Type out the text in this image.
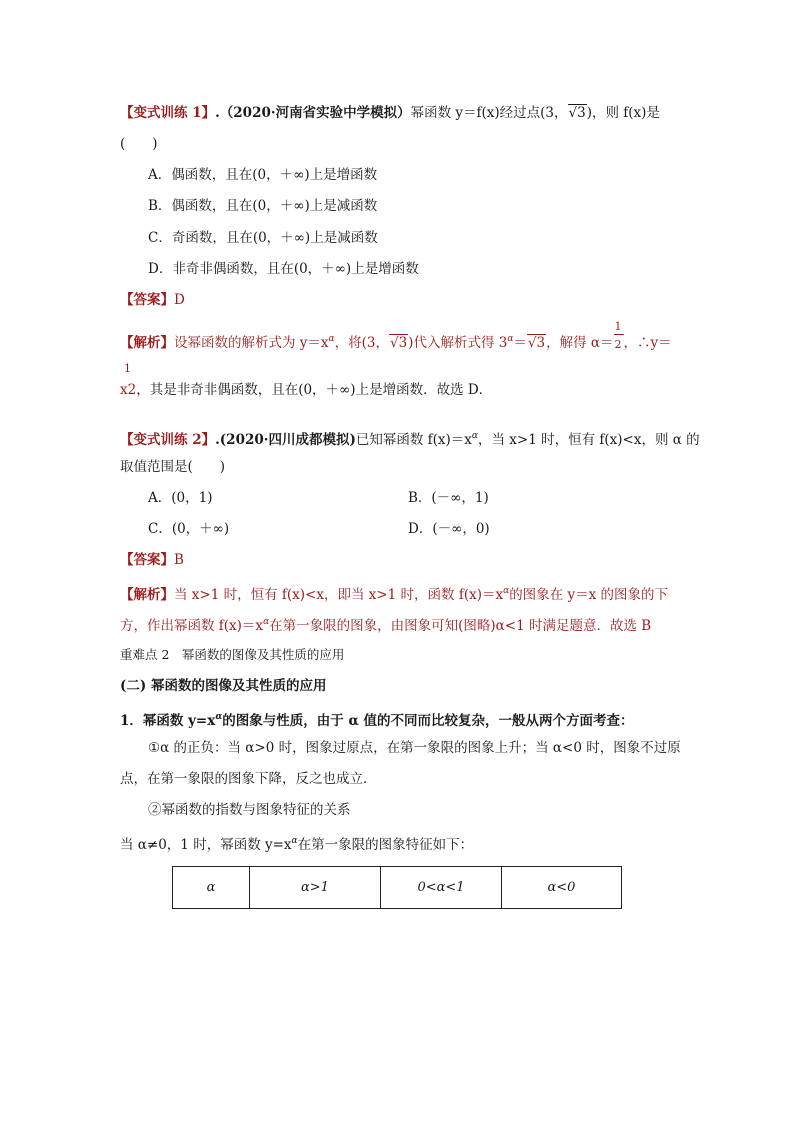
【变式训练 1】.（2020·河南省实验中学模拟）幂函数 y＝f(x)经过点(3，√3)，则 f(x)是
(　　)
A．偶函数，且在(0，＋∞)上是增函数
B．偶函数，且在(0，＋∞)上是减函数
C．奇函数，且在(0，＋∞)上是减函数
D．非奇非偶函数，且在(0，＋∞)上是增函数
【答案】D
【解析】设幂函数的解析式为 $y=x^\alpha$，将(3，√3)代入解析式得 $3^\alpha=√3$，解得 $\alpha= \frac{1}{2}$ ，∴y＝
1
x2，其是非奇非偶函数，且在(0，＋∞)上是增函数．故选 D．
【变式训练 2】.(2020·四川成都模拟)已知幂函数 $f(x)=x^\alpha$，当 x>1 时，恒有 f(x)<x，则 α 的
取值范围是(　　)
A．(0，1)	B．(－∞，1)
C．(0，＋∞)	D．(－∞，0)
【答案】B
【解析】当 x>1 时，恒有 f(x)<x，即当 x>1 时，函数 $f(x)=x^\alpha$的图象在 y＝x 的图象的下
方，作出幂函数 $f(x)=x^\alpha$在第一象限的图象，由图象可知(图略)α<1 时满足题意．故选 B
重难点 2　幂函数的图像及其性质的应用
(二) 幂函数的图像及其性质的应用
1．幂函数 $y=x^\alpha$的图象与性质，由于 α 值的不同而比较复杂，一般从两个方面考查：
①α 的正负：当 α>0 时，图象过原点，在第一象限的图象上升；当 α<0 时，图象不过原
点，在第一象限的图象下降，反之也成立．
②幂函数的指数与图象特征的关系
当 α≠0，1 时，幂函数 $y=x^\alpha$在第一象限的图象特征如下：
α	α>1	0<α<1	α<0
